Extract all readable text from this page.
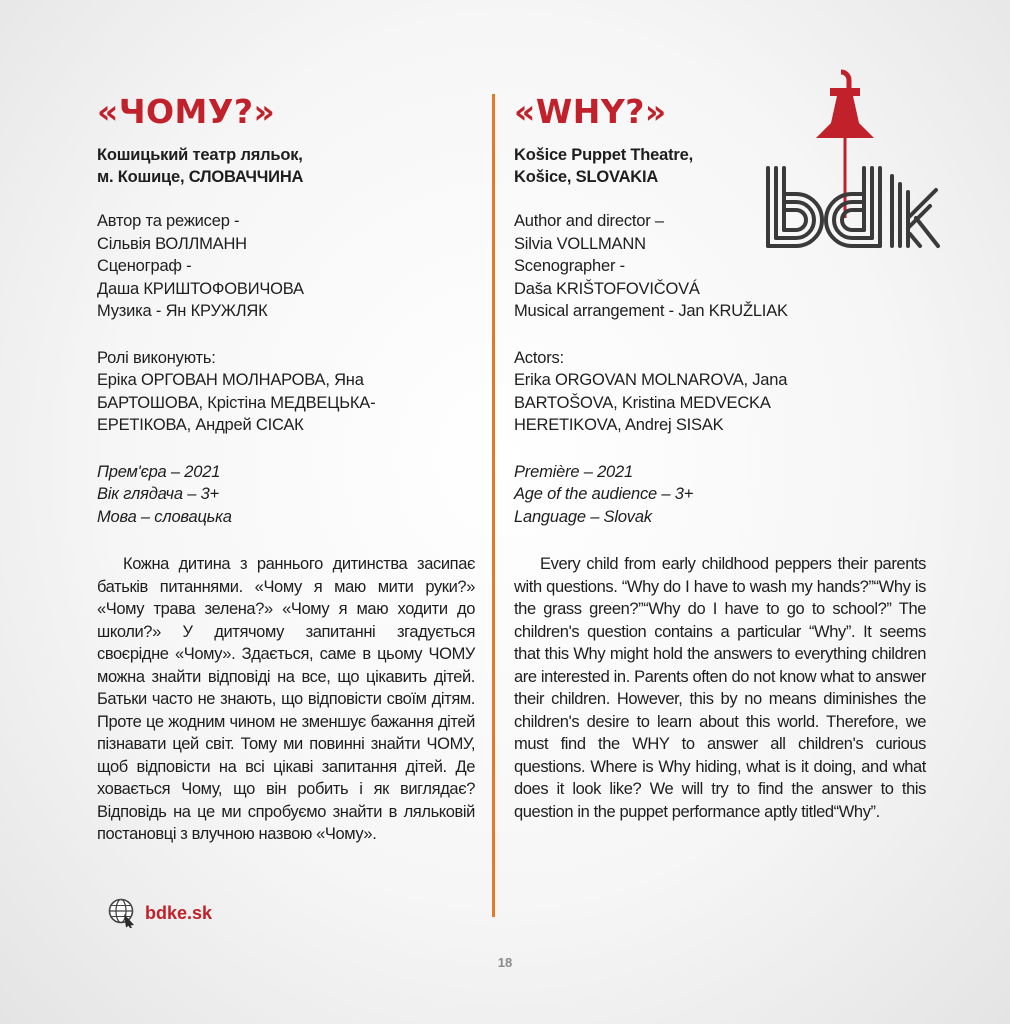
«ЧОМУ?»
Кошицький театр ляльок,
м. Кошице, СЛОВАЧЧИНА
Автор та режисер -
Сільвія ВОЛЛМАНН
Сценограф -
Даша КРИШТОФОВИЧОВА
Музика - Ян КРУЖЛЯК
Ролі виконують:
Еріка ОРГОВАН МОЛНАРОВА, Яна
БАРТОШОВА, Крістіна МЕДВЕЦЬКА-
ЕРЕТІКОВА, Андрей СІСАК
Прем'єра – 2021
Вік глядача – 3+
Мова – словацька

Кожна дитина з раннього дитинства засипає батьків питаннями. «Чому я маю мити руки?» «Чому трава зелена?» «Чому я маю ходити до школи?» У дитячому запитанні згадується своєрідне «Чому». Здається, саме в цьому ЧОМУ можна знайти відповіді на все, що цікавить дітей. Батьки часто не знають, що відповісти своїм дітям. Проте це жодним чином не зменшує бажання дітей пізнавати цей світ. Тому ми повинні знайти ЧОМУ, щоб відповісти на всі цікаві запитання дітей. Де ховається Чому, що він робить і як виглядає? Відповідь на це ми спробуємо знайти в ляльковій постановці з влучною назвою «Чому».

«WHY?»
Košice Puppet Theatre,
Košice, SLOVAKIA
Author and director –
Silvia VOLLMANN
Scenographer -
Daša KRIŠTOFOVIČOVÁ
Musical arrangement - Jan KRUŽLIAK
Actors:
Erika ORGOVAN MOLNAROVA, Jana
BARTOŠOVA, Kristina MEDVECKA
HERETIKOVA, Andrej SISAK
Première – 2021
Age of the audience – 3+
Language – Slovak

Every child from early childhood peppers their parents with questions. “Why do I have to wash my hands?”“Why is the grass green?”“Why do I have to go to school?” The children's question contains a particular “Why”. It seems that this Why might hold the answers to everything children are interested in. Parents often do not know what to answer their children. However, this by no means diminishes the children's desire to learn about this world. Therefore, we must find the WHY to answer all children's curious questions. Where is Why hiding, what is it doing, and what does it look like? We will try to find the answer to this question in the puppet performance aptly titled“Why”.

bdke.sk
18
